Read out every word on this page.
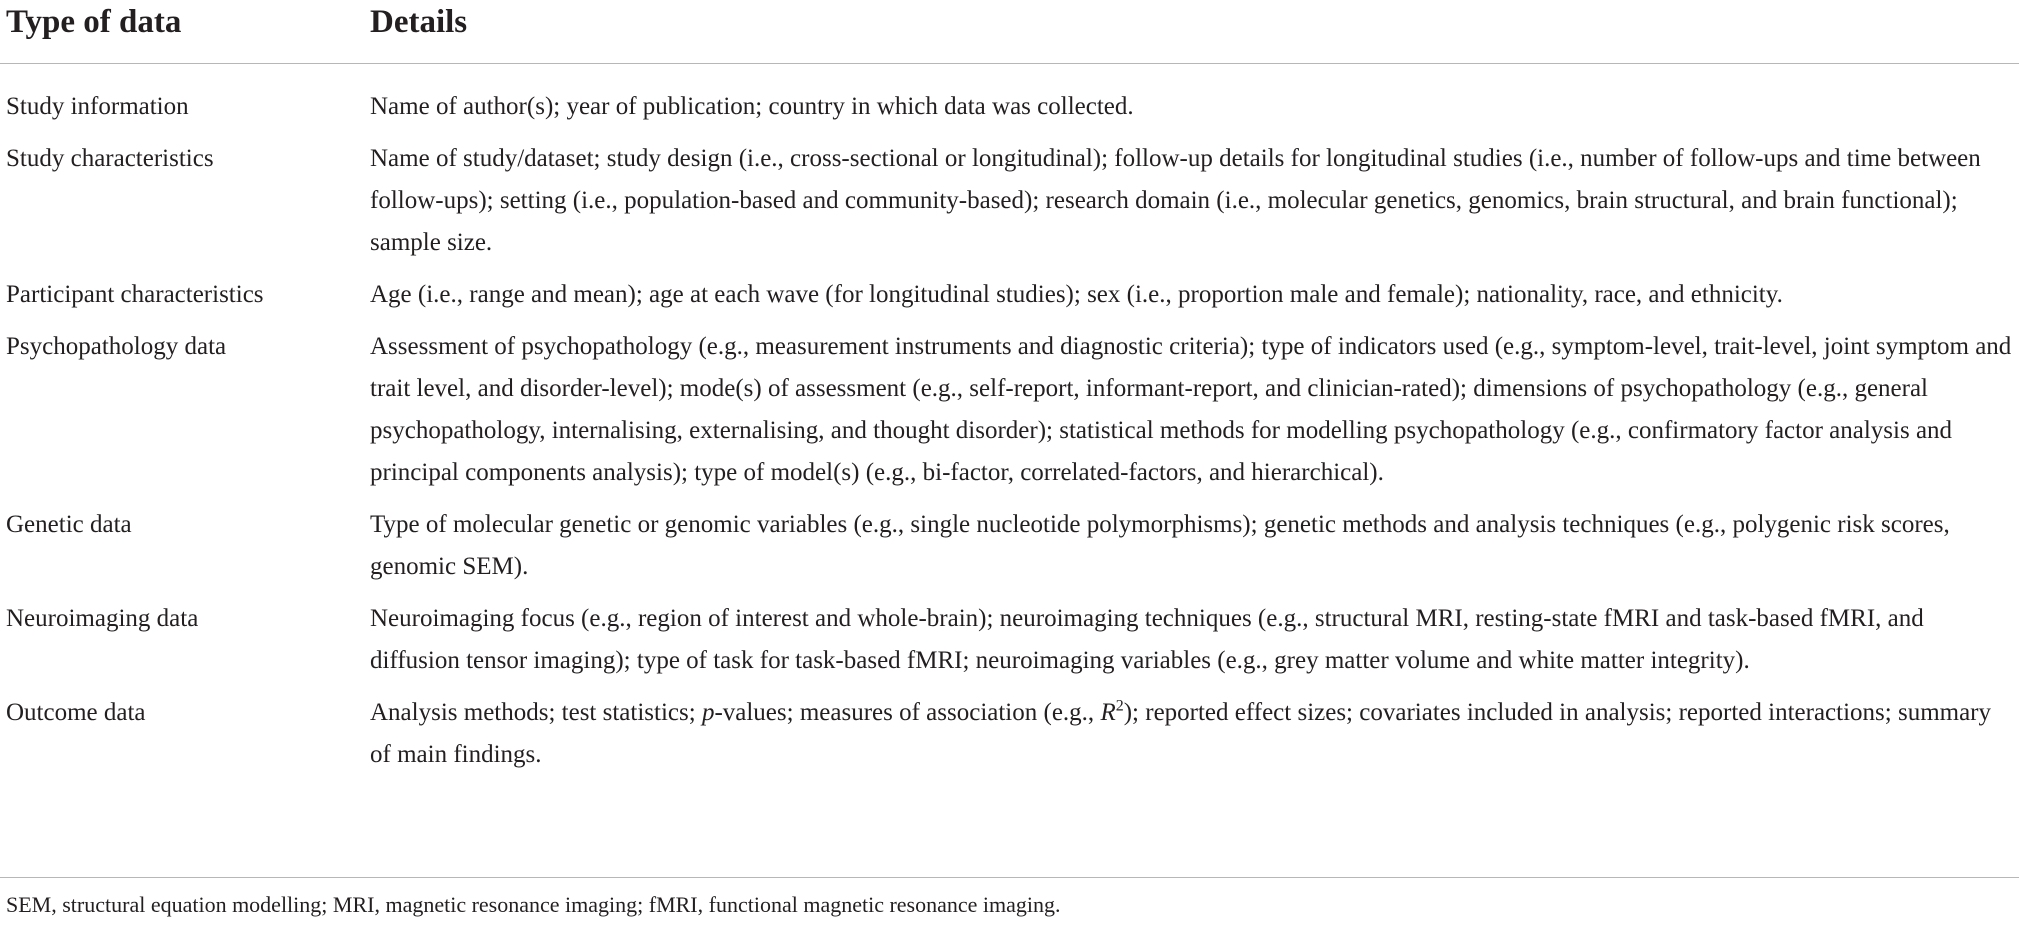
Type of data	Details
Study information	Name of author(s); year of publication; country in which data was collected.
Study characteristics	Name of study/dataset; study design (i.e., cross-sectional or longitudinal); follow-up details for longitudinal studies (i.e., number of follow-ups and time between follow-ups); setting (i.e., population-based and community-based); research domain (i.e., molecular genetics, genomics, brain structural, and brain functional); sample size.
Participant characteristics	Age (i.e., range and mean); age at each wave (for longitudinal studies); sex (i.e., proportion male and female); nationality, race, and ethnicity.
Psychopathology data	Assessment of psychopathology (e.g., measurement instruments and diagnostic criteria); type of indicators used (e.g., symptom-level, trait-level, joint symptom and trait level, and disorder-level); mode(s) of assessment (e.g., self-report, informant-report, and clinician-rated); dimensions of psychopathology (e.g., general psychopathology, internalising, externalising, and thought disorder); statistical methods for modelling psychopathology (e.g., confirmatory factor analysis and principal components analysis); type of model(s) (e.g., bi-factor, correlated-factors, and hierarchical).
Genetic data	Type of molecular genetic or genomic variables (e.g., single nucleotide polymorphisms); genetic methods and analysis techniques (e.g., polygenic risk scores, genomic SEM).
Neuroimaging data	Neuroimaging focus (e.g., region of interest and whole-brain); neuroimaging techniques (e.g., structural MRI, resting-state fMRI and task-based fMRI, and diffusion tensor imaging); type of task for task-based fMRI; neuroimaging variables (e.g., grey matter volume and white matter integrity).
Outcome data	Analysis methods; test statistics; p-values; measures of association (e.g., $R^2$); reported effect sizes; covariates included in analysis; reported interactions; summary of main findings.
SEM, structural equation modelling; MRI, magnetic resonance imaging; fMRI, functional magnetic resonance imaging.
